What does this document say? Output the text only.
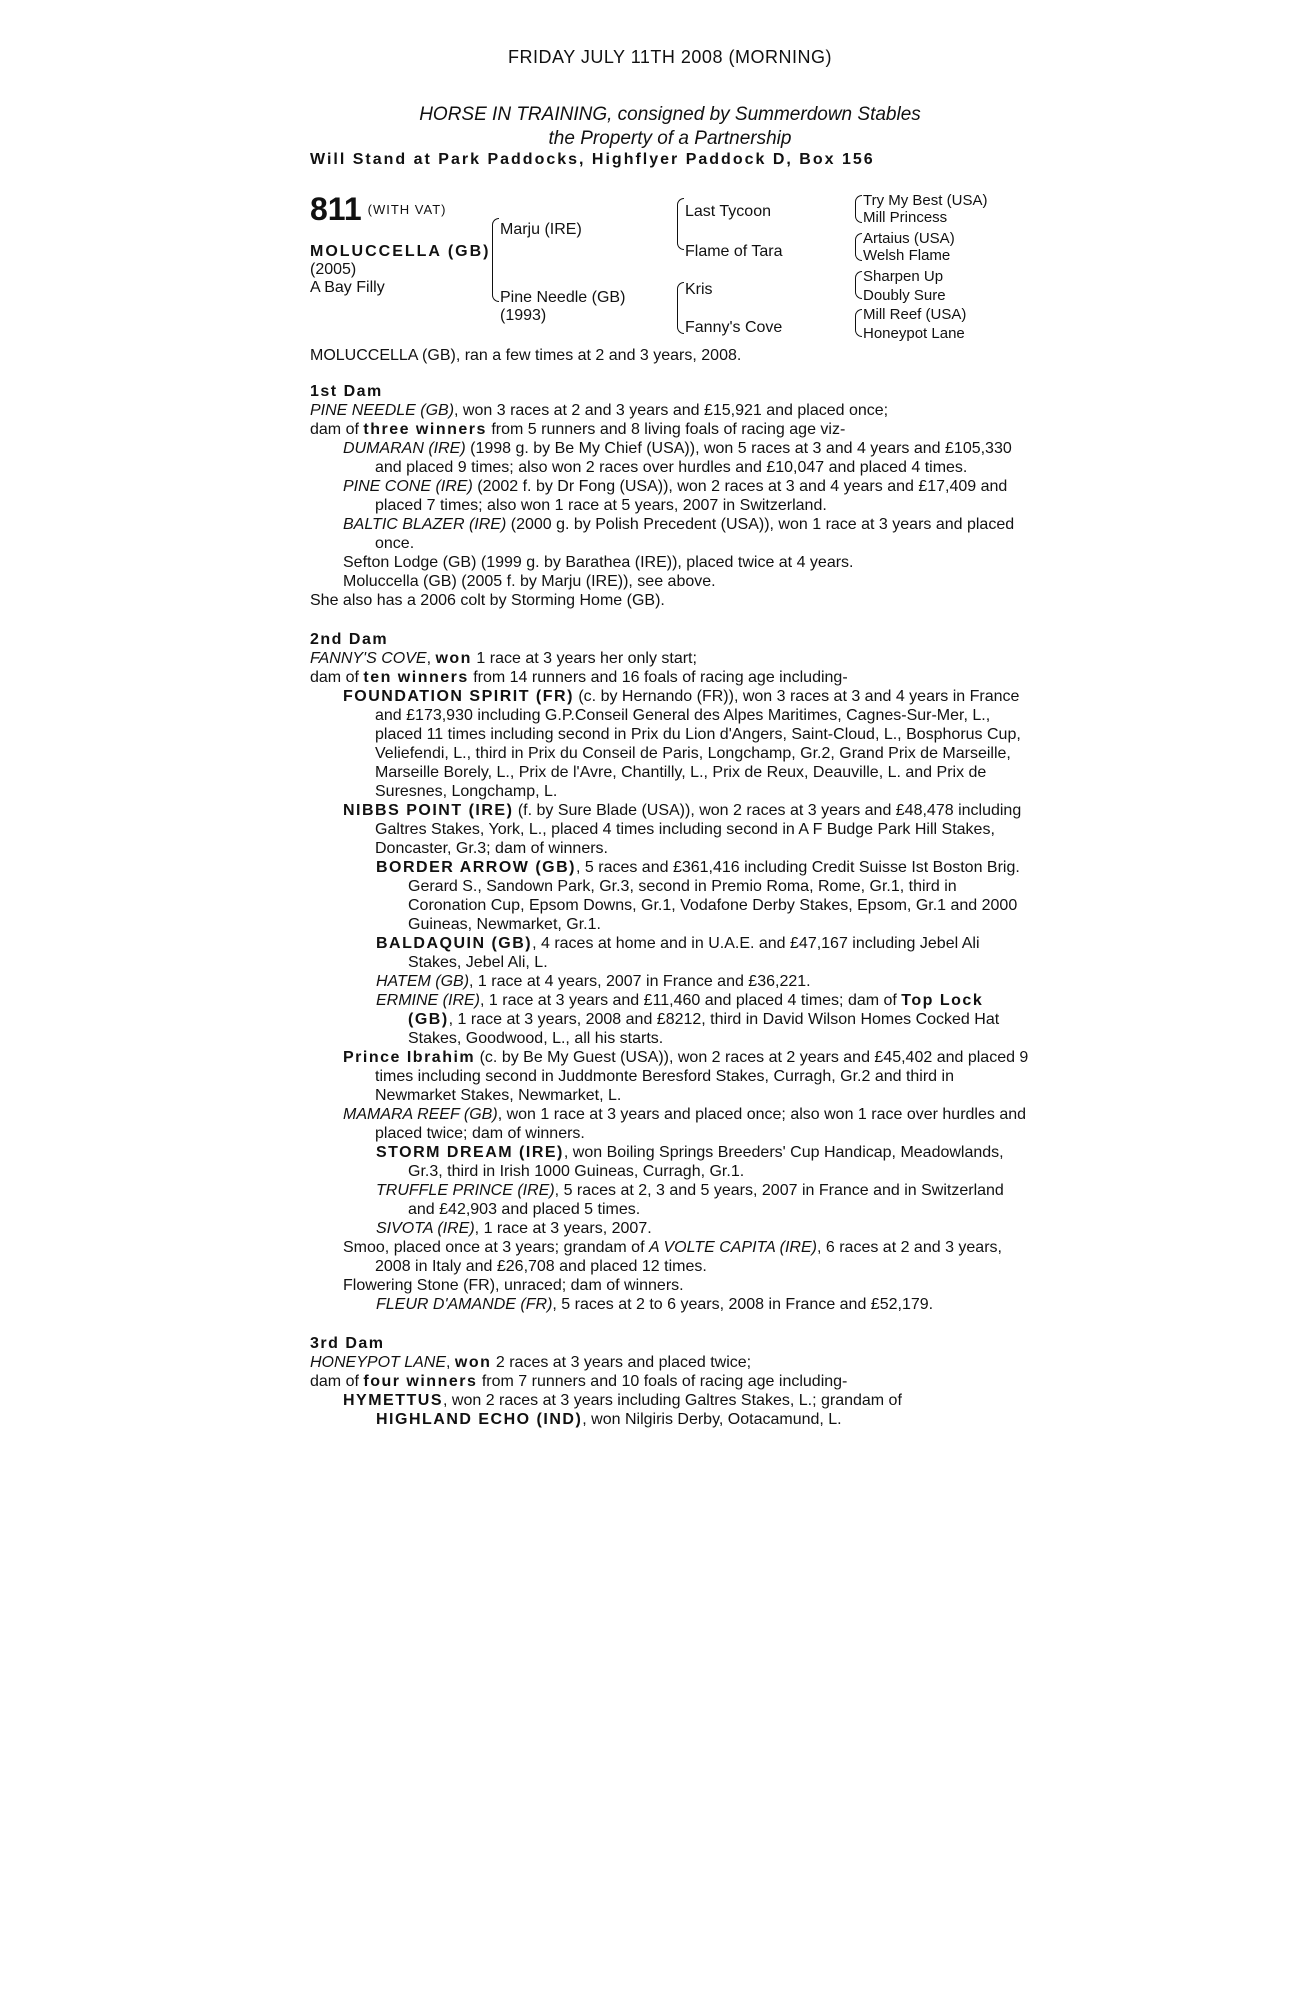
FRIDAY JULY 11TH 2008 (MORNING)
HORSE IN TRAINING, consigned by Summerdown Stables
the Property of a Partnership
Will Stand at Park Paddocks, Highflyer Paddock D, Box 156
811 (WITH VAT)
MOLUCCELLA (GB)
(2005)
A Bay Filly
Marju (IRE)
Pine Needle (GB)
(1993)
Last Tycoon
Flame of Tara
Kris
Fanny's Cove
Try My Best (USA)
Mill Princess
Artaius (USA)
Welsh Flame
Sharpen Up
Doubly Sure
Mill Reef (USA)
Honeypot Lane
MOLUCCELLA (GB), ran a few times at 2 and 3 years, 2008.

1st Dam

PINE NEEDLE (GB), won 3 races at 2 and 3 years and £15,921 and placed once;

dam of three winners from 5 runners and 8 living foals of racing age viz-

DUMARAN (IRE) (1998 g. by Be My Chief (USA)), won 5 races at 3 and 4 years and £105,330 and placed 9 times; also won 2 races over hurdles and £10,047 and placed 4 times.

PINE CONE (IRE) (2002 f. by Dr Fong (USA)), won 2 races at 3 and 4 years and £17,409 and placed 7 times; also won 1 race at 5 years, 2007 in Switzerland.

BALTIC BLAZER (IRE) (2000 g. by Polish Precedent (USA)), won 1 race at 3 years and placed once.

Sefton Lodge (GB) (1999 g. by Barathea (IRE)), placed twice at 4 years.

Moluccella (GB) (2005 f. by Marju (IRE)), see above.

She also has a 2006 colt by Storming Home (GB).

2nd Dam

FANNY'S COVE, won 1 race at 3 years her only start;

dam of ten winners from 14 runners and 16 foals of racing age including-

FOUNDATION SPIRIT (FR) (c. by Hernando (FR)), won 3 races at 3 and 4 years in France and £173,930 including G.P.Conseil General des Alpes Maritimes, Cagnes-Sur-Mer, L., placed 11 times including second in Prix du Lion d'Angers, Saint-Cloud, L., Bosphorus Cup, Veliefendi, L., third in Prix du Conseil de Paris, Longchamp, Gr.2, Grand Prix de Marseille, Marseille Borely, L., Prix de l'Avre, Chantilly, L., Prix de Reux, Deauville, L. and Prix de Suresnes, Longchamp, L.

NIBBS POINT (IRE) (f. by Sure Blade (USA)), won 2 races at 3 years and £48,478 including Galtres Stakes, York, L., placed 4 times including second in A F Budge Park Hill Stakes, Doncaster, Gr.3; dam of winners.

BORDER ARROW (GB), 5 races and £361,416 including Credit Suisse Ist Boston Brig. Gerard S., Sandown Park, Gr.3, second in Premio Roma, Rome, Gr.1, third in Coronation Cup, Epsom Downs, Gr.1, Vodafone Derby Stakes, Epsom, Gr.1 and 2000 Guineas, Newmarket, Gr.1.

BALDAQUIN (GB), 4 races at home and in U.A.E. and £47,167 including Jebel Ali Stakes, Jebel Ali, L.

HATEM (GB), 1 race at 4 years, 2007 in France and £36,221.

ERMINE (IRE), 1 race at 3 years and £11,460 and placed 4 times; dam of Top Lock (GB), 1 race at 3 years, 2008 and £8212, third in David Wilson Homes Cocked Hat Stakes, Goodwood, L., all his starts.

Prince Ibrahim (c. by Be My Guest (USA)), won 2 races at 2 years and £45,402 and placed 9 times including second in Juddmonte Beresford Stakes, Curragh, Gr.2 and third in Newmarket Stakes, Newmarket, L.

MAMARA REEF (GB), won 1 race at 3 years and placed once; also won 1 race over hurdles and placed twice; dam of winners.

STORM DREAM (IRE), won Boiling Springs Breeders' Cup Handicap, Meadowlands, Gr.3, third in Irish 1000 Guineas, Curragh, Gr.1.

TRUFFLE PRINCE (IRE), 5 races at 2, 3 and 5 years, 2007 in France and in Switzerland and £42,903 and placed 5 times.

SIVOTA (IRE), 1 race at 3 years, 2007.

Smoo, placed once at 3 years; grandam of A VOLTE CAPITA (IRE), 6 races at 2 and 3 years, 2008 in Italy and £26,708 and placed 12 times.

Flowering Stone (FR), unraced; dam of winners.

FLEUR D'AMANDE (FR), 5 races at 2 to 6 years, 2008 in France and £52,179.

3rd Dam

HONEYPOT LANE, won 2 races at 3 years and placed twice;

dam of four winners from 7 runners and 10 foals of racing age including-

HYMETTUS, won 2 races at 3 years including Galtres Stakes, L.; grandam of

HIGHLAND ECHO (IND), won Nilgiris Derby, Ootacamund, L.
